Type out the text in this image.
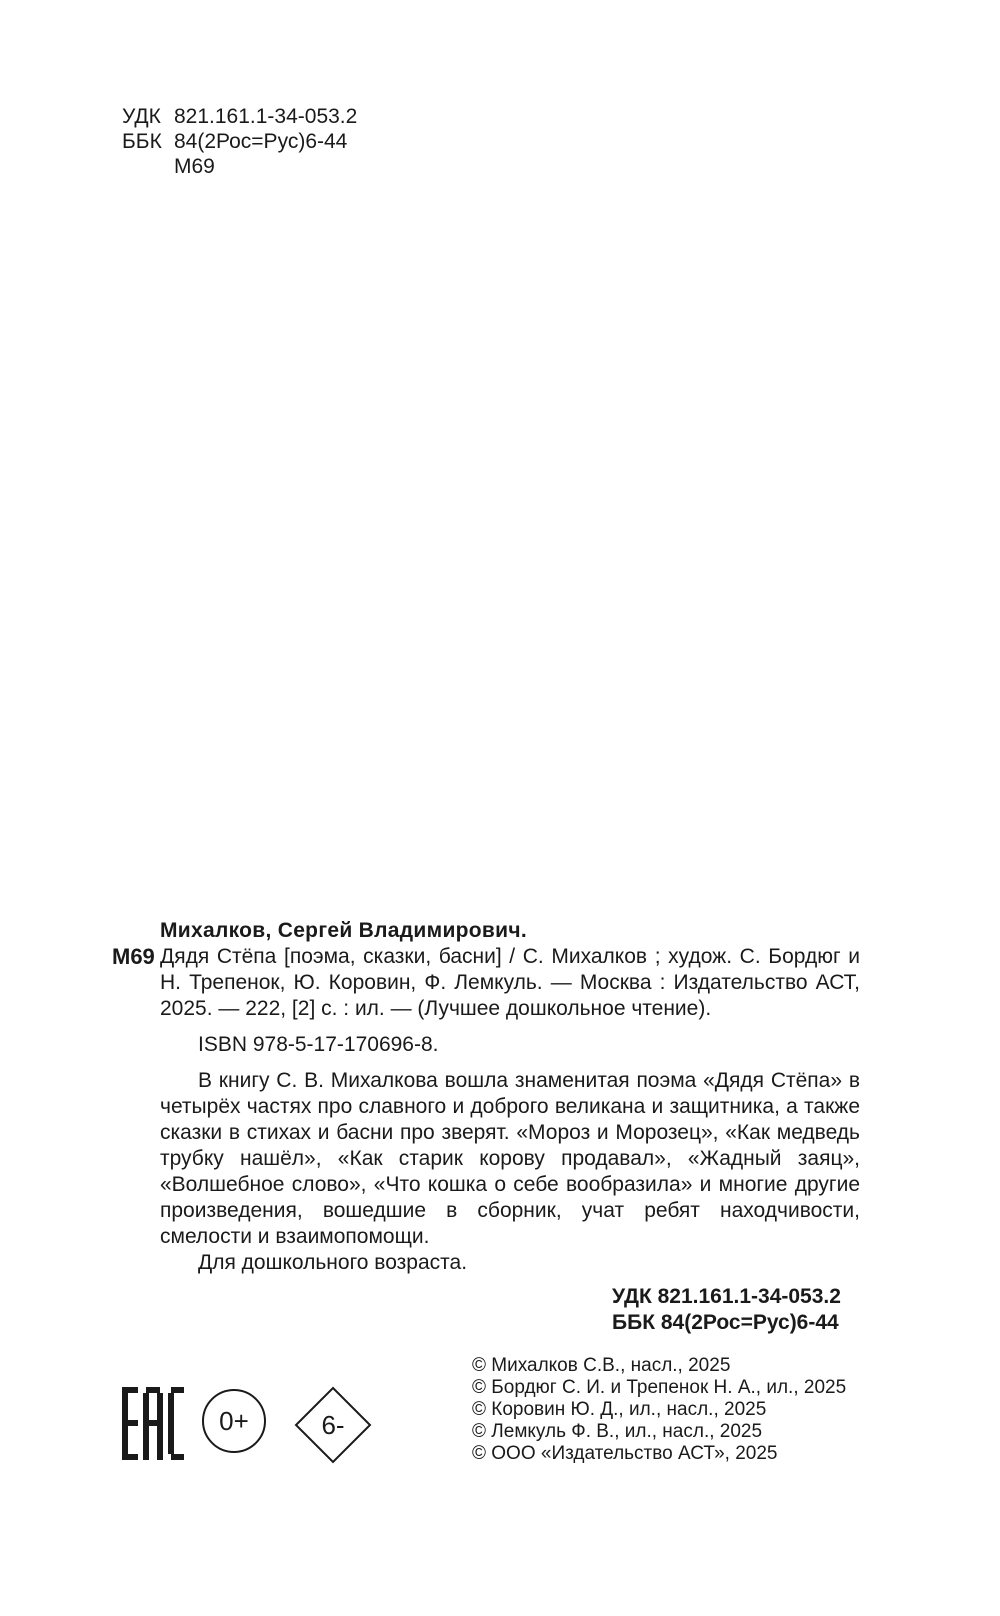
УДК 821.161.1-34-053.2
ББК 84(2Рос=Рус)6-44
М69
М69
Михалков, Сергей Владимирович.
Дядя Стёпа [поэма, сказки, басни] / С. Михалков ; худож. С. Бордюг и Н. Трепенок, Ю. Коровин, Ф. Лемкуль. — Москва : Издательство АСТ, 2025. — 222, [2] с. : ил. — (Лучшее дошкольное чтение).
ISBN 978-5-17-170696-8.
В книгу С. В. Михалкова вошла знаменитая поэма «Дядя Стёпа» в четырёх частях про славного и доброго великана и защитника, а также сказки в стихах и басни про зверят. «Мороз и Морозец», «Как медведь трубку нашёл», «Как старик корову продавал», «Жадный заяц», «Волшебное слово», «Что кошка о себе вообразила» и многие другие произведения, вошедшие в сборник, учат ребят находчивости, смелости и взаимопомощи.
Для дошкольного возраста.
УДК 821.161.1-34-053.2
ББК 84(2Рос=Рус)6-44
© Михалков С.В., насл., 2025
© Бордюг С. И. и Трепенок Н. А., ил., 2025
© Коровин Ю. Д., ил., насл., 2025
© Лемкуль Ф. В., ил., насл., 2025
© ООО «Издательство АСТ», 2025
0+	6-
